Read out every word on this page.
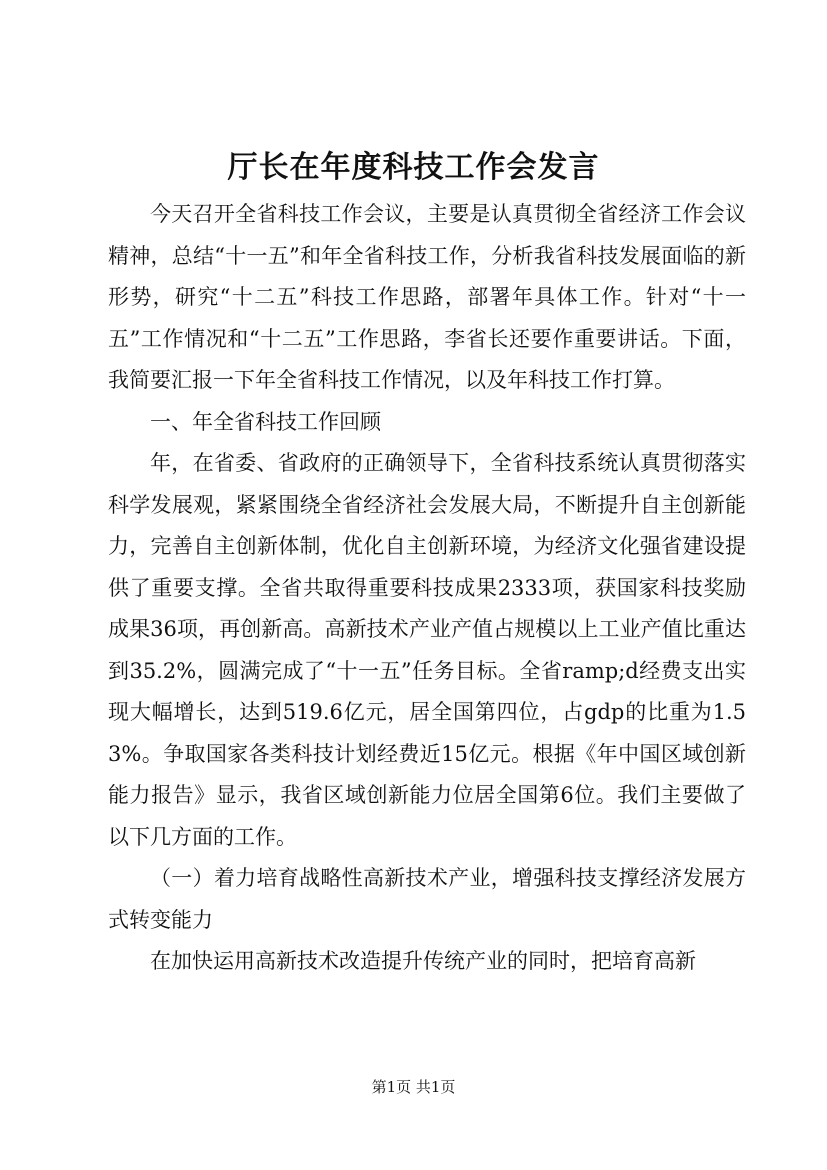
厅长在年度科技工作会发言

今天召开全省科技工作会议，主要是认真贯彻全省经济工作会议精神，总结“十一五”和年全省科技工作，分析我省科技发展面临的新形势，研究“十二五”科技工作思路，部署年具体工作。针对“十一五”工作情况和“十二五”工作思路，李省长还要作重要讲话。下面，我简要汇报一下年全省科技工作情况，以及年科技工作打算。

一、年全省科技工作回顾

年，在省委、省政府的正确领导下，全省科技系统认真贯彻落实科学发展观，紧紧围绕全省经济社会发展大局，不断提升自主创新能力，完善自主创新体制，优化自主创新环境，为经济文化强省建设提供了重要支撑。全省共取得重要科技成果2333项，获国家科技奖励成果36项，再创新高。高新技术产业产值占规模以上工业产值比重达到35.2%，圆满完成了“十一五”任务目标。全省ramp;d经费支出实现大幅增长，达到519.6亿元，居全国第四位，占gdp的比重为1.53%。争取国家各类科技计划经费近15亿元。根据《年中国区域创新能力报告》显示，我省区域创新能力位居全国第6位。我们主要做了以下几方面的工作。

（一）着力培育战略性高新技术产业，增强科技支撑经济发展方式转变能力

在加快运用高新技术改造提升传统产业的同时，把培育高新

第1页 共1页
